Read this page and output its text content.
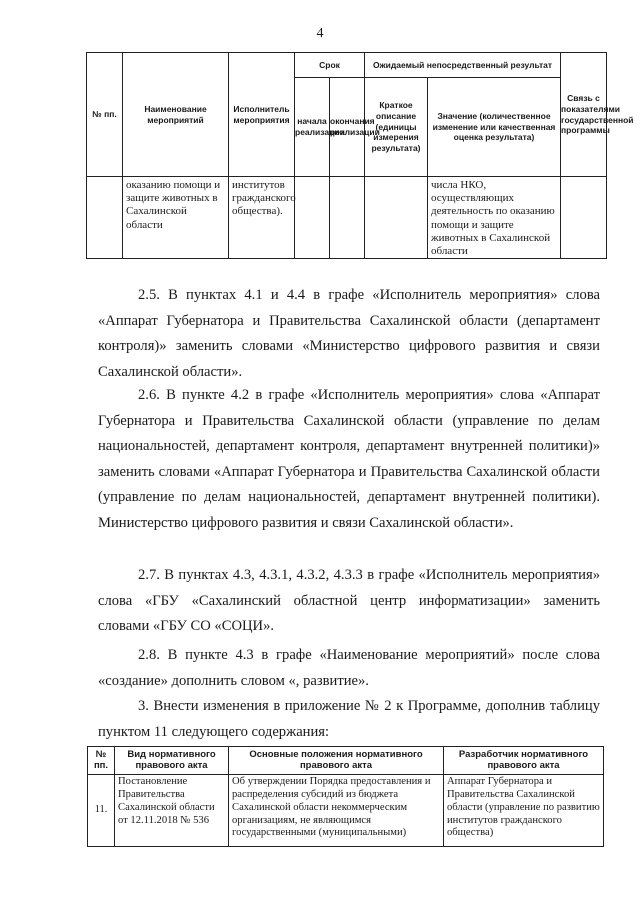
4
№ пп.	Наименование мероприятий	Исполнитель мероприятия	Срок		Ожидаемый непосредственный результат		Связь с показателями государственной программы
			начала реализации	окончания реализации	Краткое описание (единицы измерения результата)	Значение (количественное изменение или качественная оценка результата)	
	оказанию помощи и защите животных в Сахалинской области	институтов гражданского общества).				числа НКО, осуществляющих деятельность по оказанию помощи и защите животных в Сахалинской области	

2.5. В пунктах 4.1 и 4.4 в графе «Исполнитель мероприятия» слова «Аппарат Губернатора и Правительства Сахалинской области (департамент контроля)» заменить словами «Министерство цифрового развития и связи Сахалинской области».

2.6. В пункте 4.2 в графе «Исполнитель мероприятия» слова «Аппарат Губернатора и Правительства Сахалинской области (управление по делам национальностей, департамент контроля, департамент внутренней политики)» заменить словами «Аппарат Губернатора и Правительства Сахалинской области (управление по делам национальностей, департамент внутренней политики). Министерство цифрового развития и связи Сахалинской области».

2.7. В пунктах 4.3, 4.3.1, 4.3.2, 4.3.3 в графе «Исполнитель мероприятия» слова «ГБУ «Сахалинский областной центр информатизации» заменить словами «ГБУ СО «СОЦИ».

2.8. В пункте 4.3 в графе «Наименование мероприятий» после слова «создание» дополнить словом «, развитие».

3. Внести изменения в приложение № 2 к Программе, дополнив таблицу пунктом 11 следующего содержания:

№ пп.	Вид нормативного правового акта	Основные положения нормативного правового акта	Разработчик нормативного правового акта
11.	Постановление Правительства Сахалинской области от 12.11.2018 № 536	Об утверждении Порядка предоставления и распределения субсидий из бюджета Сахалинской области некоммерческим организациям, не являющимся государственными (муниципальными)	Аппарат Губернатора и Правительства Сахалинской области (управление по развитию институтов гражданского общества)
